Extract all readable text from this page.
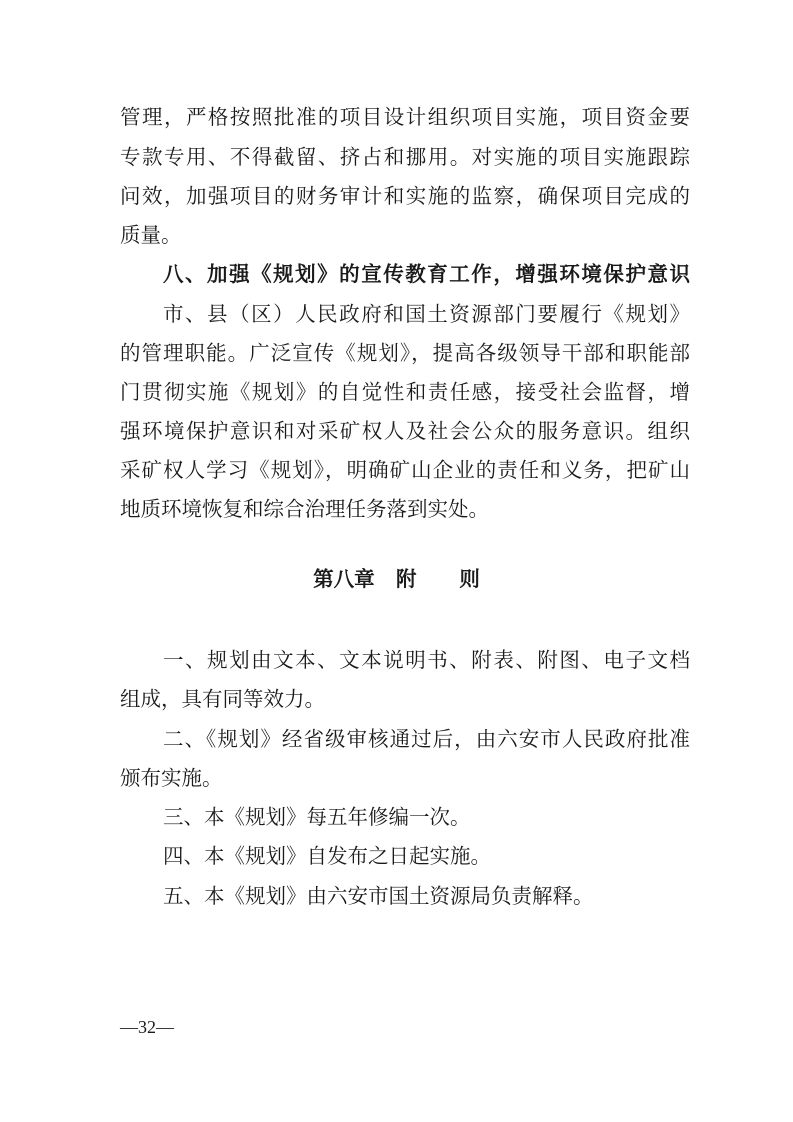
管理，严格按照批准的项目设计组织项目实施，项目资金要
专款专用、不得截留、挤占和挪用。对实施的项目实施跟踪
问效，加强项目的财务审计和实施的监察，确保项目完成的
质量。
八、加强《规划》的宣传教育工作，增强环境保护意识
市、县（区）人民政府和国土资源部门要履行《规划》
的管理职能。广泛宣传《规划》，提高各级领导干部和职能部
门贯彻实施《规划》的自觉性和责任感，接受社会监督，增
强环境保护意识和对采矿权人及社会公众的服务意识。组织
采矿权人学习《规划》，明确矿山企业的责任和义务，把矿山
地质环境恢复和综合治理任务落到实处。
第八章   附      则
一、规划由文本、文本说明书、附表、附图、电子文档
组成，具有同等效力。
二、《规划》经省级审核通过后，由六安市人民政府批准
颁布实施。
三、本《规划》每五年修编一次。
四、本《规划》自发布之日起实施。
五、本《规划》由六安市国土资源局负责解释。
—32—
